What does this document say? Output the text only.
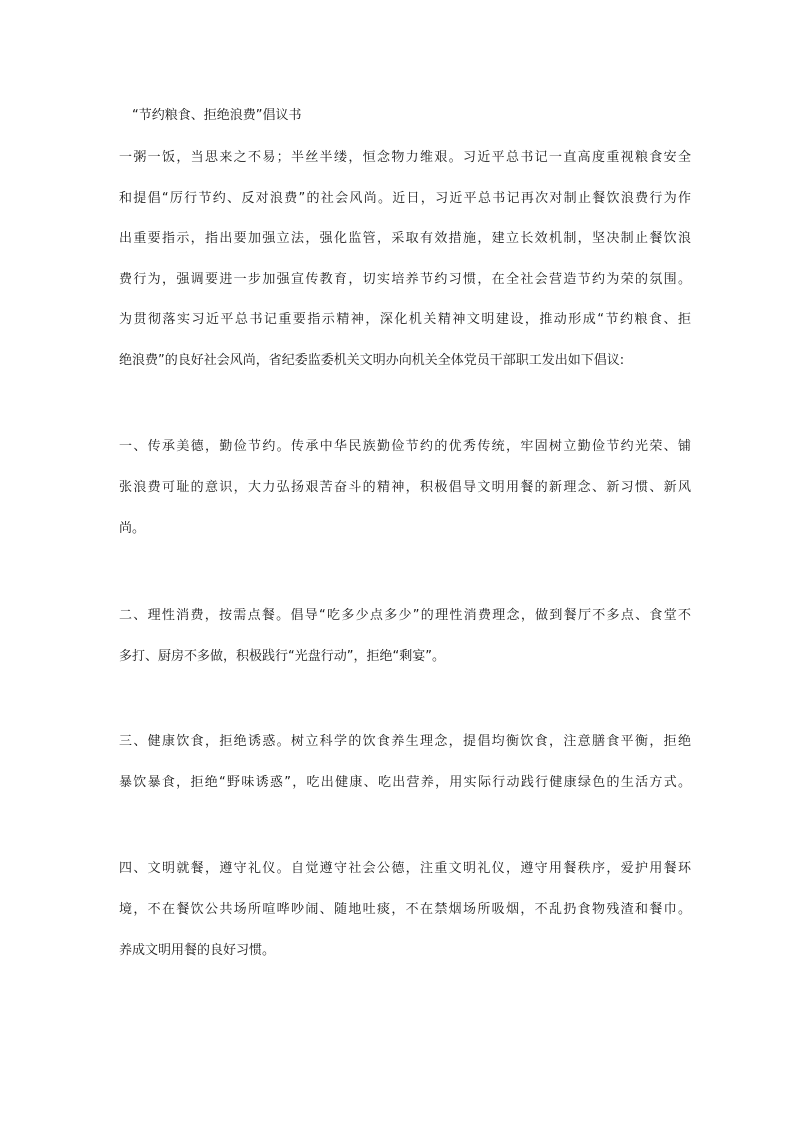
“节约粮食、拒绝浪费”倡议书
一粥一饭，当思来之不易；半丝半缕，恒念物力维艰。习近平总书记一直高度重视粮食安全
和提倡“厉行节约、反对浪费”的社会风尚。近日，习近平总书记再次对制止餐饮浪费行为作
出重要指示，指出要加强立法，强化监管，采取有效措施，建立长效机制，坚决制止餐饮浪
费行为，强调要进一步加强宣传教育，切实培养节约习惯，在全社会营造节约为荣的氛围。
为贯彻落实习近平总书记重要指示精神，深化机关精神文明建设，推动形成“节约粮食、拒
绝浪费”的良好社会风尚，省纪委监委机关文明办向机关全体党员干部职工发出如下倡议:
一、传承美德，勤俭节约。传承中华民族勤俭节约的优秀传统，牢固树立勤俭节约光荣、铺
张浪费可耻的意识，大力弘扬艰苦奋斗的精神，积极倡导文明用餐的新理念、新习惯、新风
尚。
二、理性消费，按需点餐。倡导“吃多少点多少”的理性消费理念，做到餐厅不多点、食堂不
多打、厨房不多做，积极践行“光盘行动”，拒绝“剩宴”。
三、健康饮食，拒绝诱惑。树立科学的饮食养生理念，提倡均衡饮食，注意膳食平衡，拒绝
暴饮暴食，拒绝“野味诱惑”，吃出健康、吃出营养，用实际行动践行健康绿色的生活方式。
四、文明就餐，遵守礼仪。自觉遵守社会公德，注重文明礼仪，遵守用餐秩序，爱护用餐环
境，不在餐饮公共场所喧哗吵闹、随地吐痰，不在禁烟场所吸烟，不乱扔食物残渣和餐巾。
养成文明用餐的良好习惯。
